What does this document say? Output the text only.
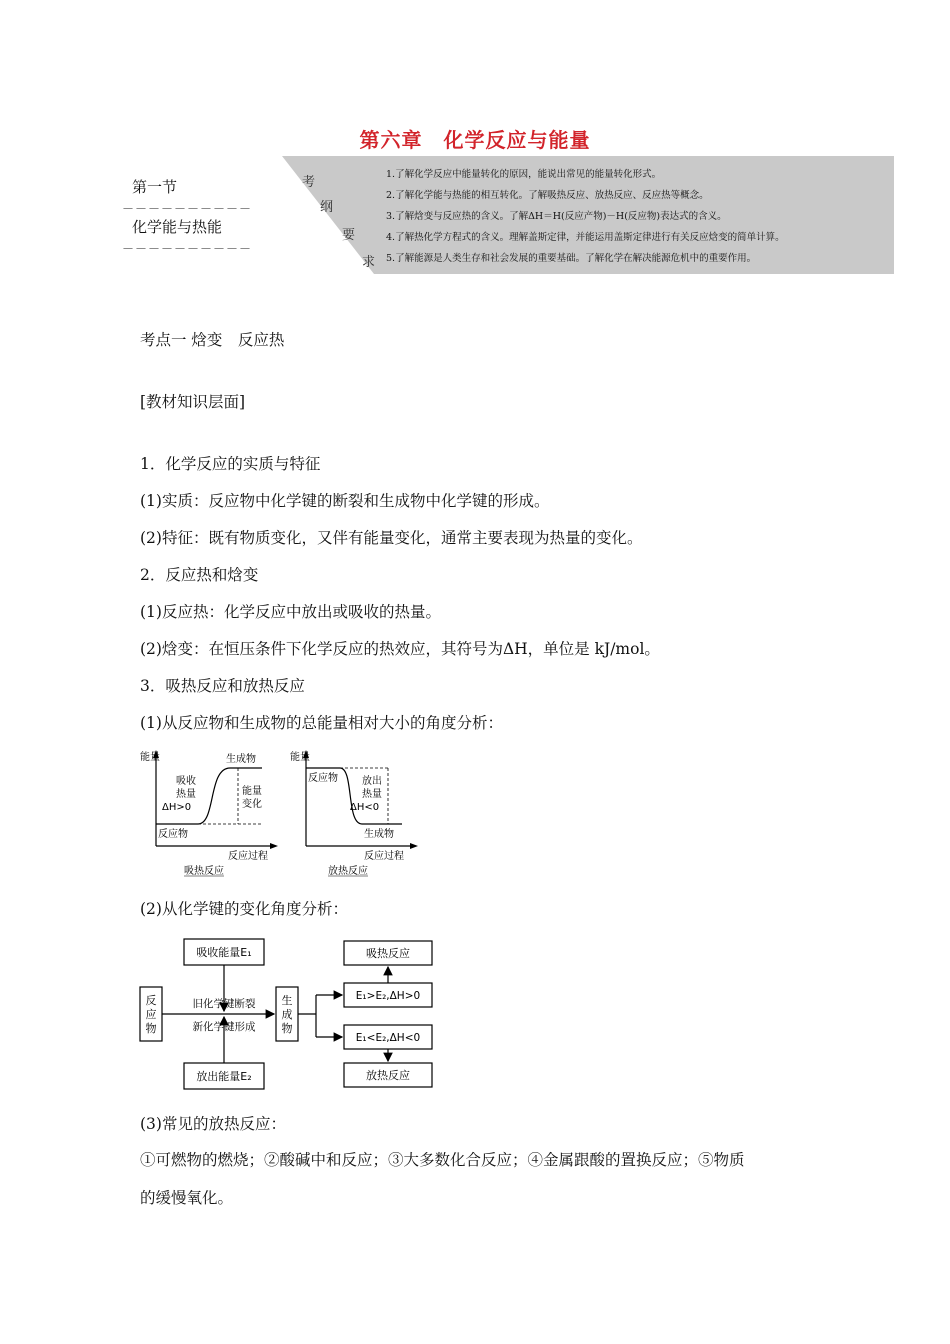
第六章　化学反应与能量
第一节
－－－－－－－－－－
化学能与热能
－－－－－－－－－－
考
纲
要
求
1.了解化学反应中能量转化的原因，能说出常见的能量转化形式。
2.了解化学能与热能的相互转化。了解吸热反应、放热反应、反应热等概念。
3.了解焓变与反应热的含义。了解ΔH＝H(反应产物)－H(反应物)表达式的含义。
4.了解热化学方程式的含义。理解盖斯定律，并能运用盖斯定律进行有关反应焓变的简单计算。
5.了解能源是人类生存和社会发展的重要基础。了解化学在解决能源危机中的重要作用。
考点一 焓变　反应热
[教材知识层面]
1．化学反应的实质与特征
(1)实质：反应物中化学键的断裂和生成物中化学键的形成。
(2)特征：既有物质变化，又伴有能量变化，通常主要表现为热量的变化。
2．反应热和焓变
(1)反应热：化学反应中放出或吸收的热量。
(2)焓变：在恒压条件下化学反应的热效应，其符号为ΔH，单位是 kJ/mol。
3．吸热反应和放热反应
(1)从反应物和生成物的总能量相对大小的角度分析：
能量	生成物
反应物
吸收
热量
ΔH>0
能量
变化
反应过程
吸热反应
能量
反应物
生成物
放出
热量
ΔH<0
反应过程
放热反应
(2)从化学键的变化角度分析：
吸收能量E₁
放出能量E₂
反
应
物
生
成
物
旧化学键断裂
新化学键形成
E₁>E₂,ΔH>0
E₁<E₂,ΔH<0
吸热反应
放热反应
(3)常见的放热反应：
①可燃物的燃烧；②酸碱中和反应；③大多数化合反应；④金属跟酸的置换反应；⑤物质
的缓慢氧化。
